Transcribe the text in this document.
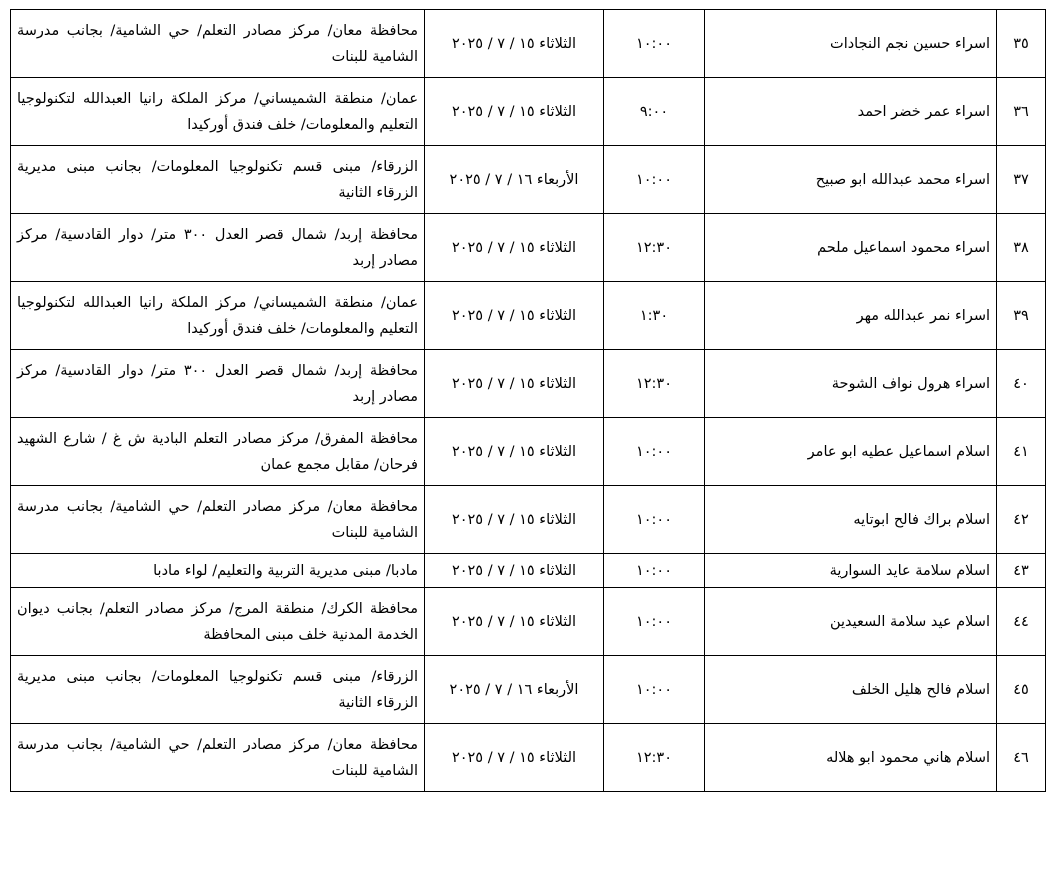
٣٥	اسراء حسين نجم النجادات	١٠:٠٠	الثلاثاء ١٥ / ٧ / ٢٠٢٥	محافظة معان/ مركز مصادر التعلم/ حي الشامية/ بجانب مدرسة الشامية للبنات
٣٦	اسراء عمر خضر احمد	٩:٠٠	الثلاثاء ١٥ / ٧ / ٢٠٢٥	عمان/ منطقة الشميساني/ مركز الملكة رانيا العبدالله لتكنولوجيا التعليم والمعلومات/ خلف فندق أوركيدا
٣٧	اسراء محمد عبدالله ابو صبيح	١٠:٠٠	الأربعاء ١٦ / ٧ / ٢٠٢٥	الزرقاء/ مبنى قسم تكنولوجيا المعلومات/ بجانب مبنى مديرية الزرقاء الثانية
٣٨	اسراء محمود اسماعيل ملحم	١٢:٣٠	الثلاثاء ١٥ / ٧ / ٢٠٢٥	محافظة إربد/ شمال قصر العدل ٣٠٠ متر/ دوار القادسية/ مركز مصادر إربد
٣٩	اسراء نمر عبدالله مهر	١:٣٠	الثلاثاء ١٥ / ٧ / ٢٠٢٥	عمان/ منطقة الشميساني/ مركز الملكة رانيا العبدالله لتكنولوجيا التعليم والمعلومات/ خلف فندق أوركيدا
٤٠	اسراء هرول نواف الشوحة	١٢:٣٠	الثلاثاء ١٥ / ٧ / ٢٠٢٥	محافظة إربد/ شمال قصر العدل ٣٠٠ متر/ دوار القادسية/ مركز مصادر إربد
٤١	اسلام اسماعيل عطيه ابو عامر	١٠:٠٠	الثلاثاء ١٥ / ٧ / ٢٠٢٥	محافظة المفرق/ مركز مصادر التعلم البادية ش غ / شارع الشهيد فرحان/ مقابل مجمع عمان
٤٢	اسلام براك فالح ابوتايه	١٠:٠٠	الثلاثاء ١٥ / ٧ / ٢٠٢٥	محافظة معان/ مركز مصادر التعلم/ حي الشامية/ بجانب مدرسة الشامية للبنات
٤٣	اسلام سلامة عايد السوارية	١٠:٠٠	الثلاثاء ١٥ / ٧ / ٢٠٢٥	مادبا/ مبنى مديرية التربية والتعليم/ لواء مادبا
٤٤	اسلام عيد سلامة السعيدين	١٠:٠٠	الثلاثاء ١٥ / ٧ / ٢٠٢٥	محافظة الكرك/ منطقة المرج/ مركز مصادر التعلم/ بجانب ديوان الخدمة المدنية خلف مبنى المحافظة
٤٥	اسلام فالح هليل الخلف	١٠:٠٠	الأربعاء ١٦ / ٧ / ٢٠٢٥	الزرقاء/ مبنى قسم تكنولوجيا المعلومات/ بجانب مبنى مديرية الزرقاء الثانية
٤٦	اسلام هاني محمود ابو هلاله	١٢:٣٠	الثلاثاء ١٥ / ٧ / ٢٠٢٥	محافظة معان/ مركز مصادر التعلم/ حي الشامية/ بجانب مدرسة الشامية للبنات
